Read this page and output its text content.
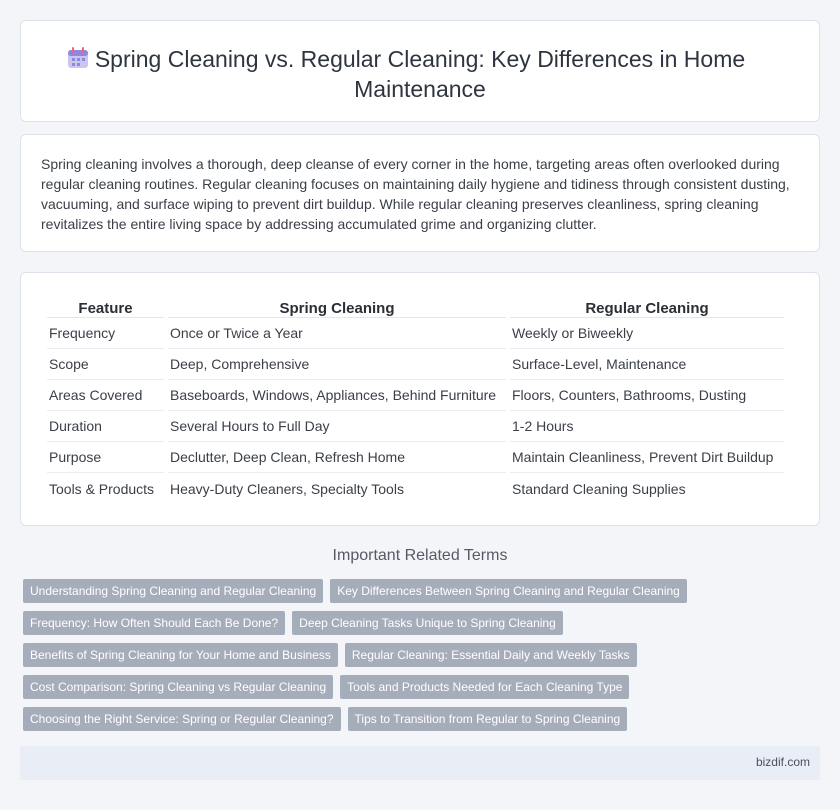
Spring Cleaning vs. Regular Cleaning: Key Differences in Home Maintenance

Spring cleaning involves a thorough, deep cleanse of every corner in the home, targeting areas often overlooked during regular cleaning routines. Regular cleaning focuses on maintaining daily hygiene and tidiness through consistent dusting, vacuuming, and surface wiping to prevent dirt buildup. While regular cleaning preserves cleanliness, spring cleaning revitalizes the entire living space by addressing accumulated grime and organizing clutter.

Feature	Spring Cleaning	Regular Cleaning
Frequency	Once or Twice a Year	Weekly or Biweekly
Scope	Deep, Comprehensive	Surface-Level, Maintenance
Areas Covered	Baseboards, Windows, Appliances, Behind Furniture	Floors, Counters, Bathrooms, Dusting
Duration	Several Hours to Full Day	1-2 Hours
Purpose	Declutter, Deep Clean, Refresh Home	Maintain Cleanliness, Prevent Dirt Buildup
Tools & Products	Heavy-Duty Cleaners, Specialty Tools	Standard Cleaning Supplies
Important Related Terms
Understanding Spring Cleaning and Regular Cleaning	Key Differences Between Spring Cleaning and Regular Cleaning
Frequency: How Often Should Each Be Done?	Deep Cleaning Tasks Unique to Spring Cleaning
Benefits of Spring Cleaning for Your Home and Business	Regular Cleaning: Essential Daily and Weekly Tasks
Cost Comparison: Spring Cleaning vs Regular Cleaning	Tools and Products Needed for Each Cleaning Type
Choosing the Right Service: Spring or Regular Cleaning?	Tips to Transition from Regular to Spring Cleaning
bizdif.com
